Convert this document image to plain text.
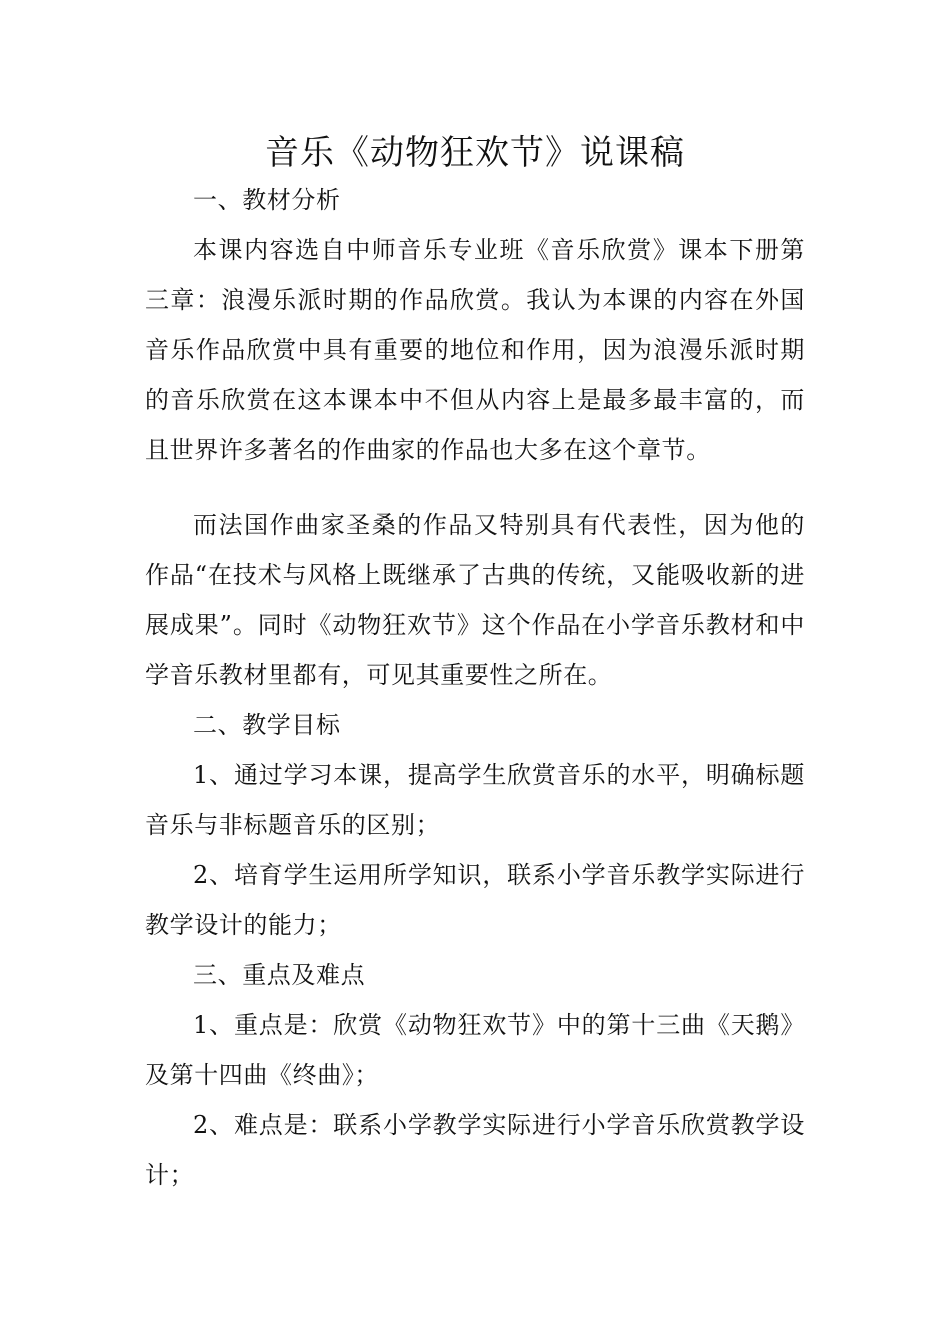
音乐《动物狂欢节》说课稿

一、教材分析

本课内容选自中师音乐专业班《音乐欣赏》课本下册第三章：浪漫乐派时期的作品欣赏。我认为本课的内容在外国音乐作品欣赏中具有重要的地位和作用，因为浪漫乐派时期的音乐欣赏在这本课本中不但从内容上是最多最丰富的，而且世界许多著名的作曲家的作品也大多在这个章节。

而法国作曲家圣桑的作品又特别具有代表性，因为他的作品“在技术与风格上既继承了古典的传统，又能吸收新的进展成果”。同时《动物狂欢节》这个作品在小学音乐教材和中学音乐教材里都有，可见其重要性之所在。

二、教学目标

1、通过学习本课，提高学生欣赏音乐的水平，明确标题音乐与非标题音乐的区别；

2、培育学生运用所学知识，联系小学音乐教学实际进行教学设计的能力；

三、重点及难点

1、重点是：欣赏《动物狂欢节》中的第十三曲《天鹅》及第十四曲《终曲》；

2、难点是：联系小学教学实际进行小学音乐欣赏教学设计；
